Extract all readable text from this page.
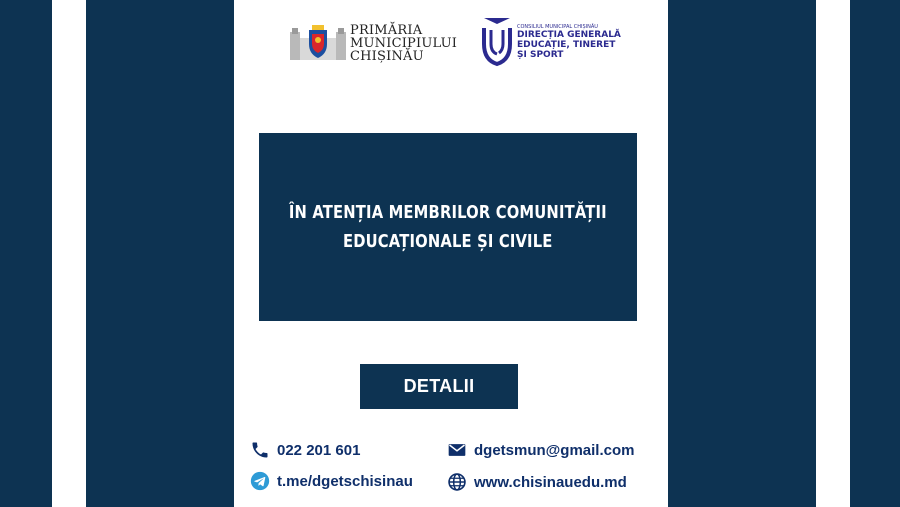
PRIMĂRIA
MUNICIPIULUI
CHIȘINĂU
CONSILIUL MUNICIPAL CHIȘINĂU
DIRECȚIA GENERALĂ
EDUCAȚIE, TINERET
ȘI SPORT
ÎN ATENȚIA MEMBRILOR COMUNITĂȚII
EDUCAȚIONALE ȘI CIVILE
DETALII
022 201 601	dgetsmun@gmail.com
t.me/dgetschisinau	www.chisinauedu.md
